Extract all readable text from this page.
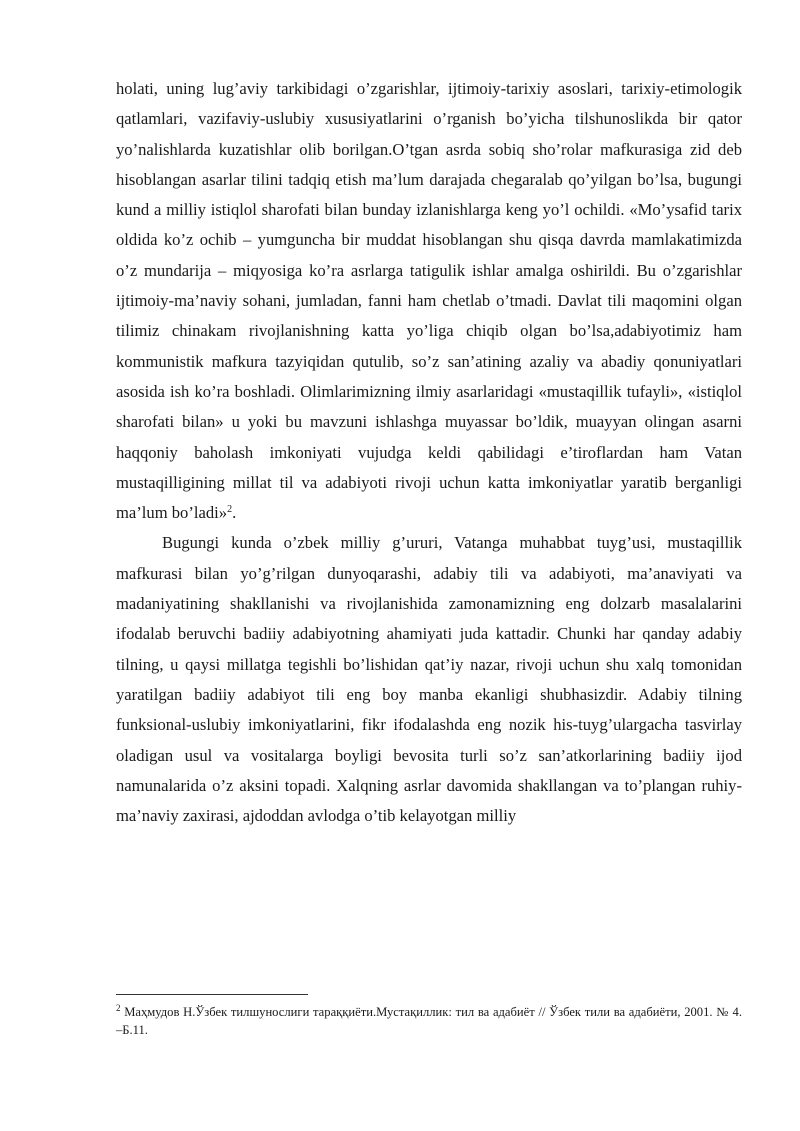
holati, uning lug’aviy tarkibidagi o’zgarishlar, ijtimoiy-tarixiy asoslari, tarixiy-etimologik qatlamlari, vazifaviy-uslubiy xususiyatlarini o’rganish bo’yicha tilshunoslikda bir qator yo’nalishlarda kuzatishlar olib borilgan.O’tgan asrda sobiq sho’rolar mafkurasiga zid deb hisoblangan asarlar tilini tadqiq etish ma’lum darajada chegaralab qo’yilgan bo’lsa, bugungi kund a milliy istiqlol sharofati bilan bunday izlanishlarga keng yo’l ochildi. «Mo’ysafid tarix oldida ko’z ochib – yumguncha bir muddat hisoblangan shu qisqa davrda mamlakatimizda o’z mundarija – miqyosiga ko’ra asrlarga tatigulik ishlar amalga oshirildi. Bu o’zgarishlar ijtimoiy-ma’naviy sohani, jumladan, fanni ham chetlab o’tmadi. Davlat tili maqomini olgan tilimiz chinakam rivojlanishning katta yo’liga chiqib olgan bo’lsa,adabiyotimiz ham kommunistik mafkura tazyiqidan qutulib, so’z san’atining azaliy va abadiy qonuniyatlari asosida ish ko’ra boshladi. Olimlarimizning ilmiy asarlaridagi «mustaqillik tufayli», «istiqlol sharofati bilan» u yoki bu mavzuni ishlashga muyassar bo’ldik, muayyan olingan asarni haqqoniy baholash imkoniyati vujudga keldi qabilidagi e’tiroflardan ham Vatan mustaqilligining millat til va adabiyoti rivoji uchun katta imkoniyatlar yaratib berganligi ma’lum bo’ladi»$^2$.

Bugungi kunda o’zbek milliy g’ururi, Vatanga muhabbat tuyg’usi, mustaqillik mafkurasi bilan yo’g’rilgan dunyoqarashi, adabiy tili va adabiyoti, ma’anaviyati va madaniyatining shakllanishi va rivojlanishida zamonamizning eng dolzarb masalalarini ifodalab beruvchi badiiy adabiyotning ahamiyati juda kattadir. Chunki har qanday adabiy tilning, u qaysi millatga tegishli bo’lishidan qat’iy nazar, rivoji uchun shu xalq tomonidan yaratilgan badiiy adabiyot tili eng boy manba ekanligi shubhasizdir. Adabiy tilning funksional-uslubiy imkoniyatlarini, fikr ifodalashda eng nozik his-tuyg’ulargacha tasvirlay oladigan usul va vositalarga boyligi bevosita turli so’z san’atkorlarining badiiy ijod namunalarida o’z aksini topadi. Xalqning asrlar davomida shakllangan va to’plangan ruhiy-ma’naviy zaxirasi, ajdoddan avlodga o’tib kelayotgan milliy

$^2$ Маҳмудов Н.Ўзбек тилшунослиги тараққиёти.Мустақиллик: тил ва адабиёт // Ўзбек тили ва адабиёти, 2001. № 4. –Б.11.
